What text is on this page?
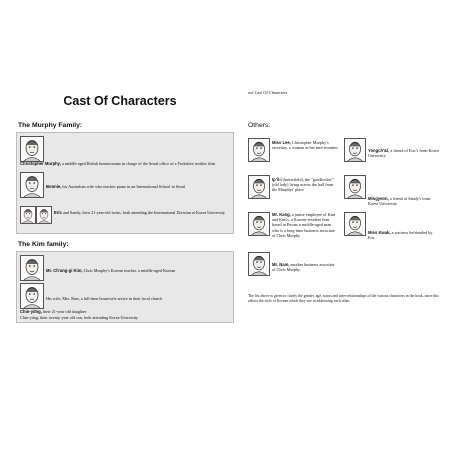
Cast Of Characters
The Murphy Family:
Christopher Murphy, a middle-aged British businessman in charge of the Seoul office of a Yorkshire textiles firm
Bonnie, his Australian wife who teaches piano in an International School in Seoul
Eric and Sandy, their 21-year-old twins, both attending the International Division at Korea University
The Kim family:
Mr. Ch'ang-gi Kim, Chris Murphy's Korean teacher, a middle-aged Korean
His wife, Mrs. Kim, a full-time housewife active in their local church
Chin-ydng, their 21-year old daughter
Chin-ydng, their twenty-year old son, both attending Korea University
xvi Cast Of Characters
Others:
Miss Lee, Christopher Murphy's secretary, a woman in her mid-twenties
Ip'il-i (butterfield), the "goodlocker" (old lady) living across the hall from the Murphys' place
Mr. Kang, a junior employee of Kim and Kim's, a Korean-resident firm based in Pusan; a middle-aged man who is a long-time business associate of Chris Murphy
Mr. Nam, another business associate of Chris Murphy
Yongch'&l, a friend of Eric's from Korea University
Mingyeon, a friend of Sandy's from Korea University
Miss Kwak, a waitress befriended by Eric
The list above is given to clarify the gender, age, status and inter-relationships of the various characters in the book, since this affects the style of Korean which they use in addressing each other.
